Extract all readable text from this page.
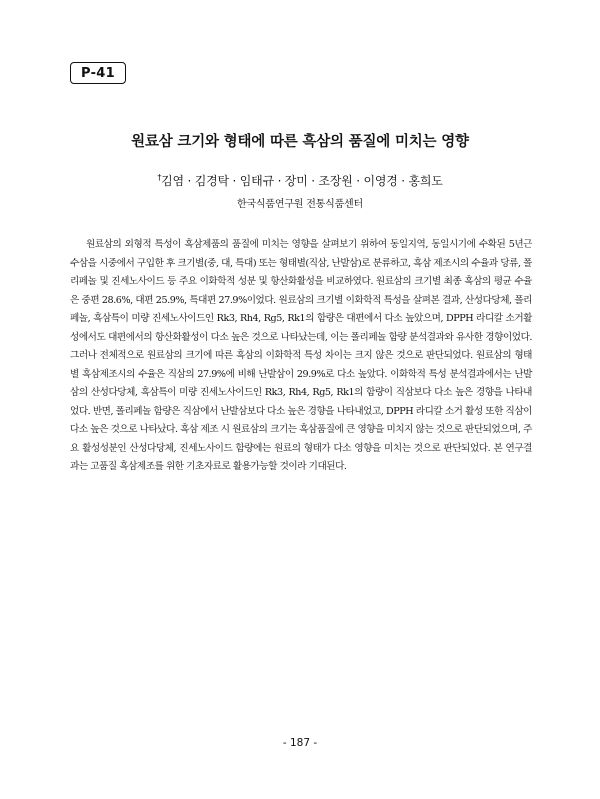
P-41
원료삼 크기와 형태에 따른 흑삼의 품질에 미치는 영향
†김염 · 김경탁 · 임태규 · 장미 · 조장원 · 이영경 · 홍희도
한국식품연구원 전통식품센터

원료삼의 외형적 특성이 흑삼제품의 품질에 미치는 영향을 살펴보기 위하여 동일지역, 동일시기에 수확된 5년근 수삼을 시중에서 구입한 후 크기별(중, 대, 특대) 또는 형태별(직삼, 난발삼)로 분류하고, 흑삼 제조시의 수율과 당류, 폴리페놀 및 진세노사이드 등 주요 이화학적 성분 및 항산화활성을 비교하였다. 원료삼의 크기별 최종 흑삼의 평균 수율은 중편 28.6%, 대편 25.9%, 특대편 27.9%이었다. 원료삼의 크기별 이화학적 특성을 살펴본 결과, 산성다당체, 폴리페놀, 흑삼특이 미량 진세노사이드인 Rk3, Rh4, Rg5, Rk1의 함량은 대편에서 다소 높았으며, DPPH 라디칼 소거활성에서도 대편에서의 항산화활성이 다소 높은 것으로 나타났는데, 이는 폴리페놀 함량 분석결과와 유사한 경향이었다. 그러나 전체적으로 원료삼의 크기에 따른 흑삼의 이화학적 특성 차이는 크지 않은 것으로 판단되었다. 원료삼의 형태별 흑삼제조시의 수율은 직삼의 27.9%에 비해 난발삼이 29.9%로 다소 높았다. 이화학적 특성 분석결과에서는 난발삼의 산성다당체, 흑삼특이 미량 진세노사이드인 Rk3, Rh4, Rg5, Rk1의 함량이 직삼보다 다소 높은 경향을 나타내었다. 반면, 폴리페놀 함량은 직삼에서 난발삼보다 다소 높은 경향을 나타내었고, DPPH 라디칼 소거 활성 또한 직삼이 다소 높은 것으로 나타났다. 흑삼 제조 시 원료삼의 크기는 흑삼품질에 큰 영향을 미치지 않는 것으로 판단되었으며, 주요 활성성분인 산성다당체, 진세노사이드 함량에는 원료의 형태가 다소 영향을 미치는 것으로 판단되었다. 본 연구결과는 고품질 흑삼제조를 위한 기초자료로 활용가능할 것이라 기대된다.

- 187 -
